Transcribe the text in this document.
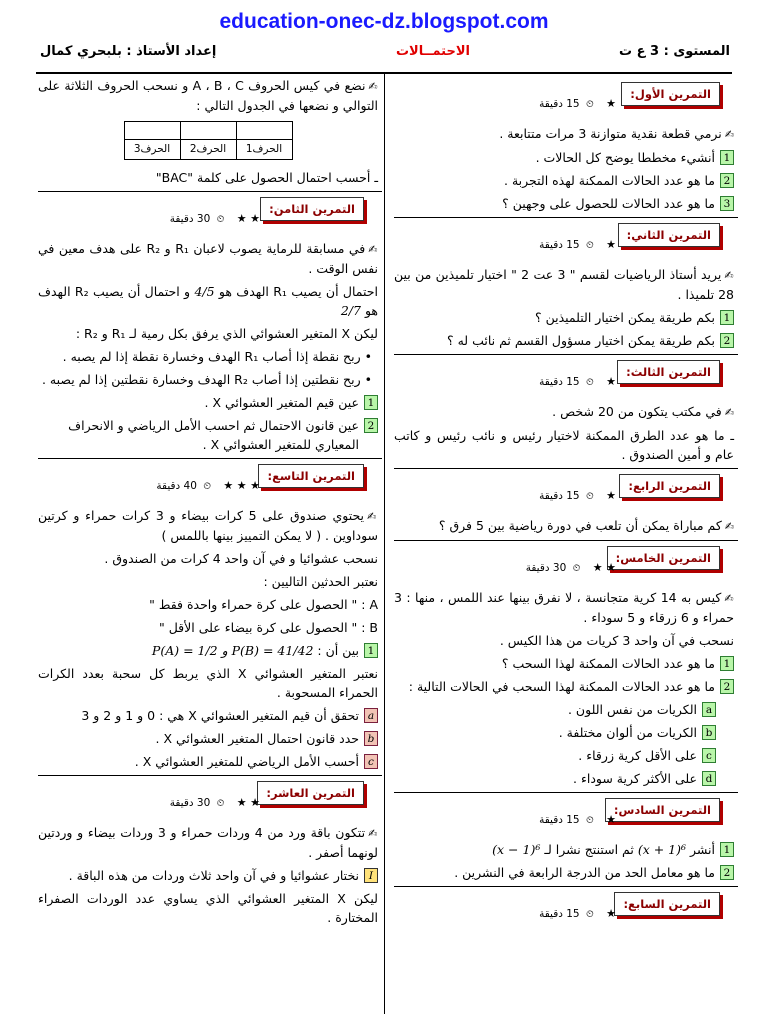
education-onec-dz.blogspot.com
المستوى : 3 ع ت
الاحتمــالات
إعداد الأستاذ : بلبحري كمال
التمرين الأول:
★ ⏲ 15 دقيقة

✍نرمي قطعة نقدية متوازنة 3 مرات متتابعة .

1
أنشيء مخططا يوضح كل الحالات .
2
ما هو عدد الحالات الممكنة لهذه التجربة .
3
ما هو عدد الحالات للحصول على وجهين ؟
التمرين الثاني:
★ ⏲ 15 دقيقة

✍يريد أستاذ الرياضيات لقسم " 3 عت 2 " اختيار تلميذين من بين 28 تلميذا .

1
بكم طريقة يمكن اختيار التلميذين ؟
2
بكم طريقة يمكن اختيار مسؤول القسم ثم نائب له ؟
التمرين الثالث:
★ ⏲ 15 دقيقة

✍في مكتب يتكون من 20 شخص .

ـ ما هو عدد الطرق الممكنة لاختيار رئيس و نائب رئيس و كاتب عام و أمين الصندوق .

التمرين الرابع:
★ ⏲ 15 دقيقة

✍كم مباراة يمكن أن تلعب في دورة رياضية بين 5 فرق ؟

التمرين الخامس:
★ ★ ⏲ 30 دقيقة

✍كيس به 14 كرية متجانسة ، لا نفرق بينها عند اللمس ، منها : 3 حمراء و 6 زرقاء و 5 سوداء .

نسحب في آن واحد 3 كريات من هذا الكيس .

1
ما هو عدد الحالات الممكنة لهذا السحب ؟
2
ما هو عدد الحالات الممكنة لهذا السحب في الحالات التالية :
a
الكريات من نفس اللون .
b
الكريات من ألوان مختلفة .
c
على الأقل كرية زرقاء .
d
على الأكثر كرية سوداء .
التمرين السادس:
★ ⏲ 15 دقيقة
1
أنشر (x + 1)⁶ ثم استنتج نشرا لـ (x − 1)⁶
2
ما هو معامل الحد من الدرجة الرابعة في النشرين .
التمرين السابع:
★ ⏲ 15 دقيقة

✍نضع في كيس الحروف A ، B ، C و نسحب الحروف الثلاثة على التوالي و نضعها في الجدول التالي :

الحرف3	الحرف2	الحرف1

ـ أحسب احتمال الحصول على كلمة "BAC"

التمرين الثامن:
★ ★ ⏲ 30 دقيقة

✍في مسابقة للرماية يصوب لاعبان R₁ و R₂ على هدف معين في نفس الوقت .

احتمال أن يصيب R₁ الهدف هو 4/5 و احتمال أن يصيب R₂ الهدف هو 2/7

ليكن X المتغير العشوائي الذي يرفق بكل رمية لـ R₁ و R₂ :

• ربح نقطة إذا أصاب R₁ الهدف وخسارة نقطة إذا لم يصبه .

• ربح نقطتين إذا أصاب R₂ الهدف وخسارة نقطتين إذا لم يصبه .

1
عين قيم المتغير العشوائي X .
2
عين قانون الاحتمال ثم احسب الأمل الرياضي و الانحراف المعياري للمتغير العشوائي X .
التمرين التاسع:
★ ★ ★ ⏲ 40 دقيقة

✍يحتوي صندوق على 5 كرات بيضاء و 3 كرات حمراء و كرتين سوداوين . ( لا يمكن التمييز بينها باللمس )

نسحب عشوائيا و في آن واحد 4 كرات من الصندوق .

نعتبر الحدثين التاليين :

A : " الحصول على كرة حمراء واحدة فقط "

B : " الحصول على كرة بيضاء على الأقل "

1
بين أن : P(A) = 1/2 و P(B) = 41/42

نعتبر المتغير العشوائي X الذي يربط كل سحبة بعدد الكرات الحمراء المسحوبة .

a
تحقق أن قيم المتغير العشوائي X هي : 0 و 1 و 2 و 3
b
حدد قانون احتمال المتغير العشوائي X .
c
أحسب الأمل الرياضي للمتغير العشوائي X .
التمرين العاشر:
★ ★ ⏲ 30 دقيقة

✍تتكون باقة ورد من 4 وردات حمراء و 3 وردات بيضاء و وردتين لونهما أصفر .

I
نختار عشوائيا و في آن واحد ثلاث وردات من هذه الباقة .

ليكن X المتغير العشوائي الذي يساوي عدد الوردات الصفراء المختارة .
